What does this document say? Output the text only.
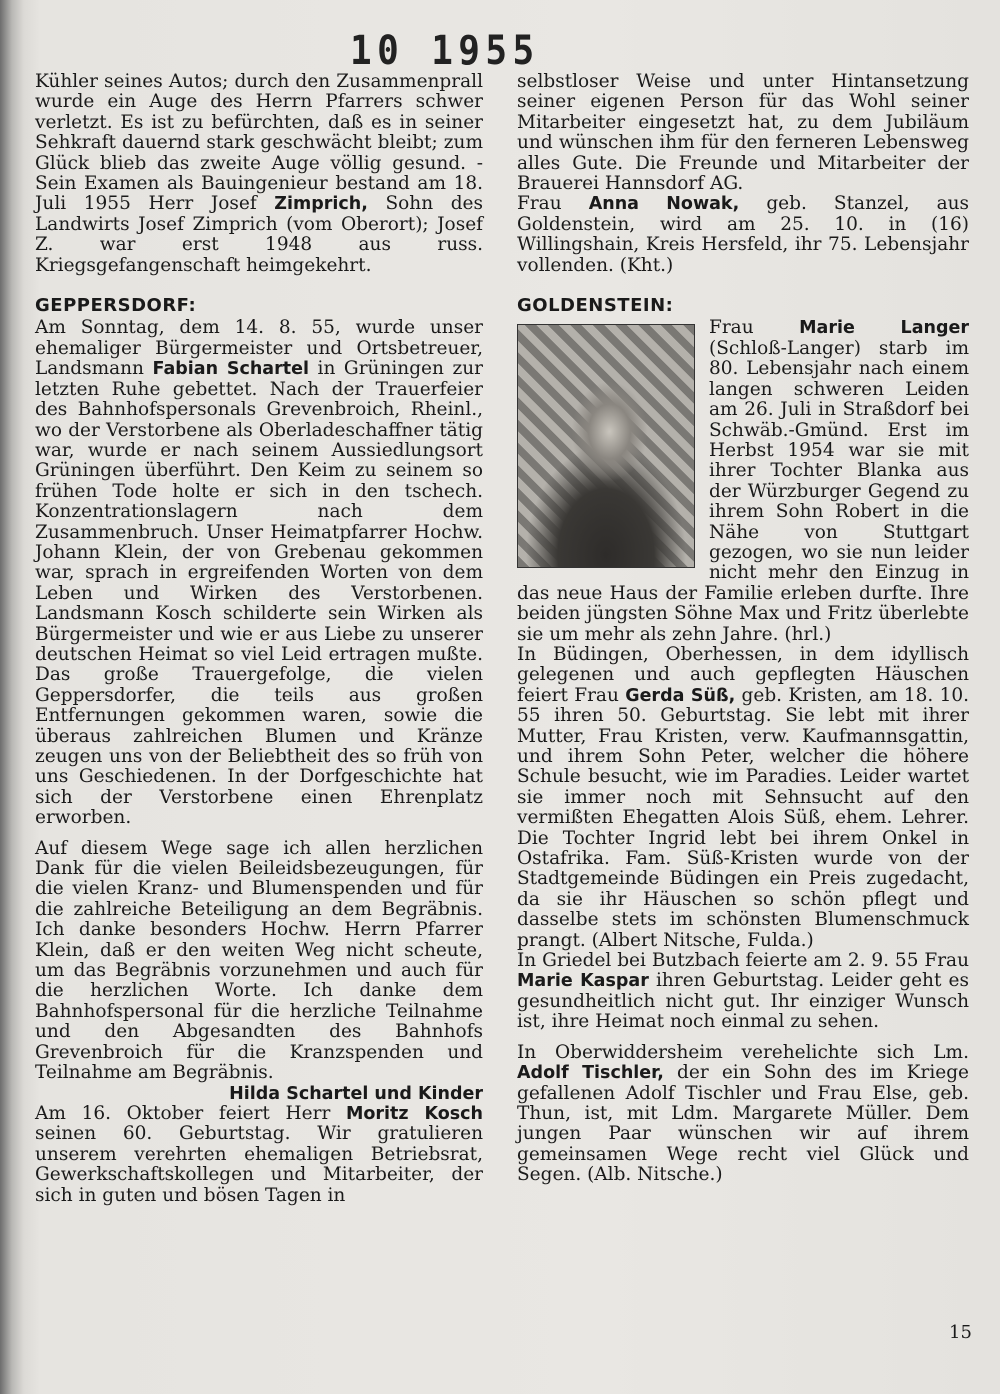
10 1955

Kühler seines Autos; durch den Zusammenprall wurde ein Auge des Herrn Pfarrers schwer verletzt. Es ist zu befürchten, daß es in seiner Sehkraft dauernd stark geschwächt bleibt; zum Glück blieb das zweite Auge völlig gesund. - Sein Examen als Bauingenieur bestand am 18. Juli 1955 Herr Josef Zimprich, Sohn des Landwirts Josef Zimprich (vom Oberort); Josef Z. war erst 1948 aus russ. Kriegsgefangenschaft heimgekehrt.

GEPPERSDORF:

Am Sonntag, dem 14. 8. 55, wurde unser ehemaliger Bürgermeister und Ortsbetreuer, Landsmann Fabian Schartel in Grüningen zur letzten Ruhe gebettet. Nach der Trauerfeier des Bahnhofspersonals Grevenbroich, Rheinl., wo der Verstorbene als Oberladeschaffner tätig war, wurde er nach seinem Aussiedlungsort Grüningen überführt. Den Keim zu seinem so frühen Tode holte er sich in den tschech. Konzentrationslagern nach dem Zusammenbruch. Unser Heimatpfarrer Hochw. Johann Klein, der von Grebenau gekommen war, sprach in ergreifenden Worten von dem Leben und Wirken des Verstorbenen. Landsmann Kosch schilderte sein Wirken als Bürgermeister und wie er aus Liebe zu unserer deutschen Heimat so viel Leid ertragen mußte. Das große Trauergefolge, die vielen Geppersdorfer, die teils aus großen Entfernungen gekommen waren, sowie die überaus zahlreichen Blumen und Kränze zeugen uns von der Beliebtheit des so früh von uns Geschiedenen. In der Dorfgeschichte hat sich der Verstorbene einen Ehrenplatz erworben.

Auf diesem Wege sage ich allen herzlichen Dank für die vielen Beileidsbezeugungen, für die vielen Kranz- und Blumenspenden und für die zahlreiche Beteiligung an dem Begräbnis. Ich danke besonders Hochw. Herrn Pfarrer Klein, daß er den weiten Weg nicht scheute, um das Begräbnis vorzunehmen und auch für die herzlichen Worte. Ich danke dem Bahnhofspersonal für die herzliche Teilnahme und den Abgesandten des Bahnhofs Grevenbroich für die Kranzspenden und Teilnahme am Begräbnis.

Hilda Schartel und Kinder

Am 16. Oktober feiert Herr Moritz Kosch seinen 60. Geburtstag. Wir gratulieren unserem verehrten ehemaligen Betriebsrat, Gewerkschaftskollegen und Mitarbeiter, der sich in guten und bösen Tagen in

selbstloser Weise und unter Hintansetzung seiner eigenen Person für das Wohl seiner Mitarbeiter eingesetzt hat, zu dem Jubiläum und wünschen ihm für den ferneren Lebensweg alles Gute. Die Freunde und Mitarbeiter der Brauerei Hannsdorf AG.

Frau Anna Nowak, geb. Stanzel, aus Goldenstein, wird am 25. 10. in (16) Willingshain, Kreis Hersfeld, ihr 75. Lebensjahr vollenden. (Kht.)

GOLDENSTEIN:

Frau Marie Langer (Schloß-Langer) starb im 80. Lebensjahr nach einem langen schweren Leiden am 26. Juli in Straßdorf bei Schwäb.-Gmünd. Erst im Herbst 1954 war sie mit ihrer Tochter Blanka aus der Würzburger Gegend zu ihrem Sohn Robert in die Nähe von Stuttgart gezogen, wo sie nun leider nicht mehr den Einzug in das neue Haus der Familie erleben durfte. Ihre beiden jüngsten Söhne Max und Fritz überlebte sie um mehr als zehn Jahre. (hrl.)

In Büdingen, Oberhessen, in dem idyllisch gelegenen und auch gepflegten Häuschen feiert Frau Gerda Süß, geb. Kristen, am 18. 10. 55 ihren 50. Geburtstag. Sie lebt mit ihrer Mutter, Frau Kristen, verw. Kaufmannsgattin, und ihrem Sohn Peter, welcher die höhere Schule besucht, wie im Paradies. Leider wartet sie immer noch mit Sehnsucht auf den vermißten Ehegatten Alois Süß, ehem. Lehrer. Die Tochter Ingrid lebt bei ihrem Onkel in Ostafrika. Fam. Süß-Kristen wurde von der Stadtgemeinde Büdingen ein Preis zugedacht, da sie ihr Häuschen so schön pflegt und dasselbe stets im schönsten Blumenschmuck prangt. (Albert Nitsche, Fulda.)

In Griedel bei Butzbach feierte am 2. 9. 55 Frau Marie Kaspar ihren Geburtstag. Leider geht es gesundheitlich nicht gut. Ihr einziger Wunsch ist, ihre Heimat noch einmal zu sehen.

In Oberwiddersheim verehelichte sich Lm. Adolf Tischler, der ein Sohn des im Kriege gefallenen Adolf Tischler und Frau Else, geb. Thun, ist, mit Ldm. Margarete Müller. Dem jungen Paar wünschen wir auf ihrem gemeinsamen Wege recht viel Glück und Segen. (Alb. Nitsche.)

15
